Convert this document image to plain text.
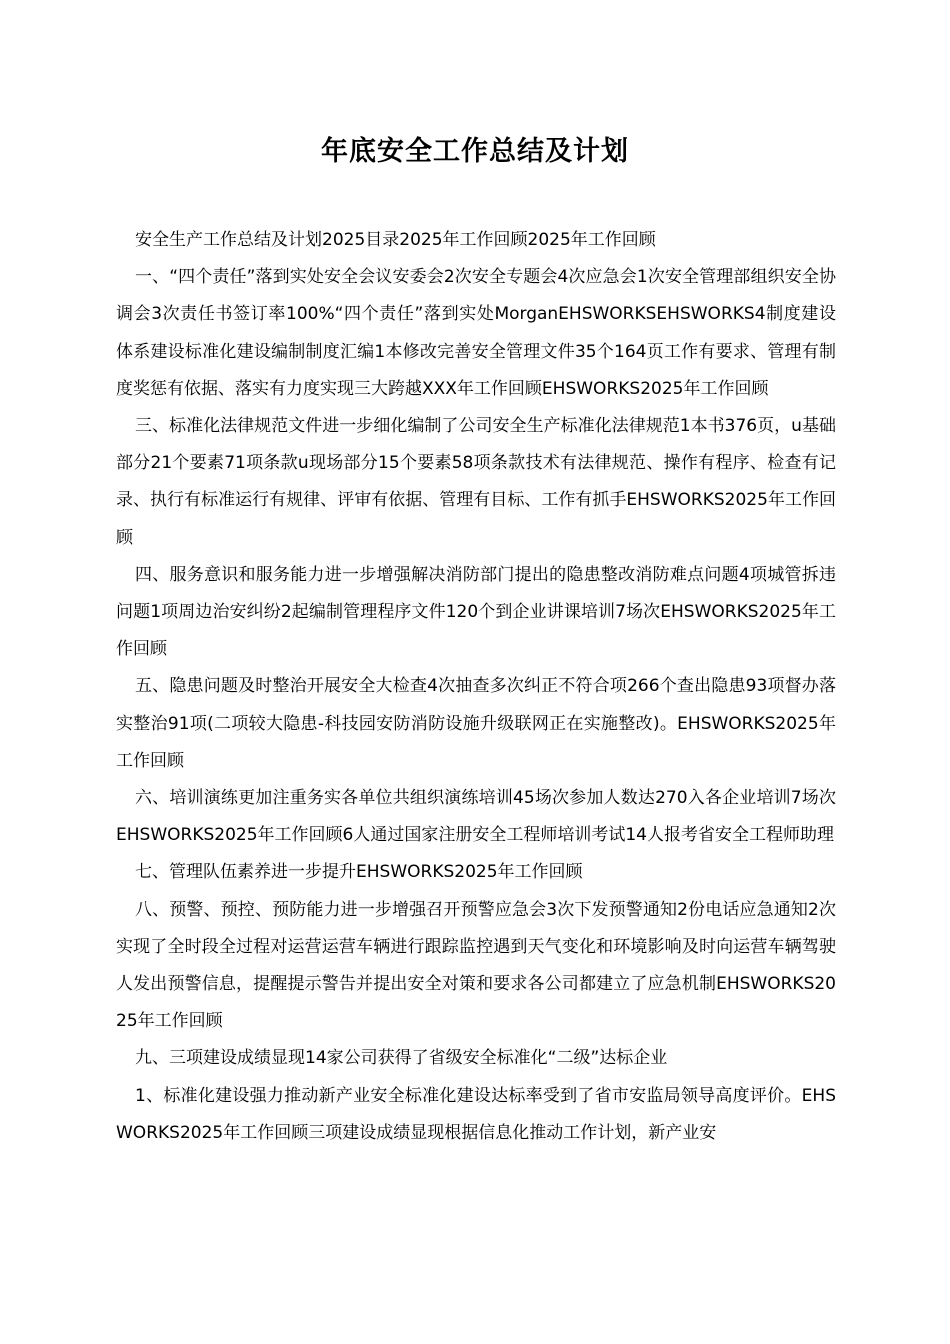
年底安全工作总结及计划

安全生产工作总结及计划2025目录2025年工作回顾2025年工作回顾

一、“四个责任”落到实处安全会议安委会2次安全专题会4次应急会1次安全管理部组织安全协调会3次责任书签订率100%“四个责任”落到实处MorganEHSWORKSEHSWORKS4制度建设体系建设标准化建设编制制度汇编1本修改完善安全管理文件35个164页工作有要求、管理有制度奖惩有依据、落实有力度实现三大跨越XXX年工作回顾EHSWORKS2025年工作回顾

三、标准化法律规范文件进一步细化编制了公司安全生产标准化法律规范1本书376页，u基础部分21个要素71项条款u现场部分15个要素58项条款技术有法律规范、操作有程序、检查有记录、执行有标准运行有规律、评审有依据、管理有目标、工作有抓手EHSWORKS2025年工作回顾

四、服务意识和服务能力进一步增强解决消防部门提出的隐患整改消防难点问题4项城管拆违问题1项周边治安纠纷2起编制管理程序文件120个到企业讲课培训7场次EHSWORKS2025年工作回顾

五、隐患问题及时整治开展安全大检查4次抽查多次纠正不符合项266个查出隐患93项督办落实整治91项(二项较大隐患-科技园安防消防设施升级联网正在实施整改)。EHSWORKS2025年工作回顾

六、培训演练更加注重务实各单位共组织演练培训45场次参加人数达270入各企业培训7场次EHSWORKS2025年工作回顾6人通过国家注册安全工程师培训考试14人报考省安全工程师助理

七、管理队伍素养进一步提升EHSWORKS2025年工作回顾

八、预警、预控、预防能力进一步增强召开预警应急会3次下发预警通知2份电话应急通知2次实现了全时段全过程对运营运营车辆进行跟踪监控遇到天气变化和环境影响及时向运营车辆驾驶人发出预警信息，提醒提示警告并提出安全对策和要求各公司都建立了应急机制EHSWORKS2025年工作回顾

九、三项建设成绩显现14家公司获得了省级安全标准化“二级”达标企业

1、标准化建设强力推动新产业安全标准化建设达标率受到了省市安监局领导高度评价。EHSWORKS2025年工作回顾三项建设成绩显现根据信息化推动工作计划，新产业安
